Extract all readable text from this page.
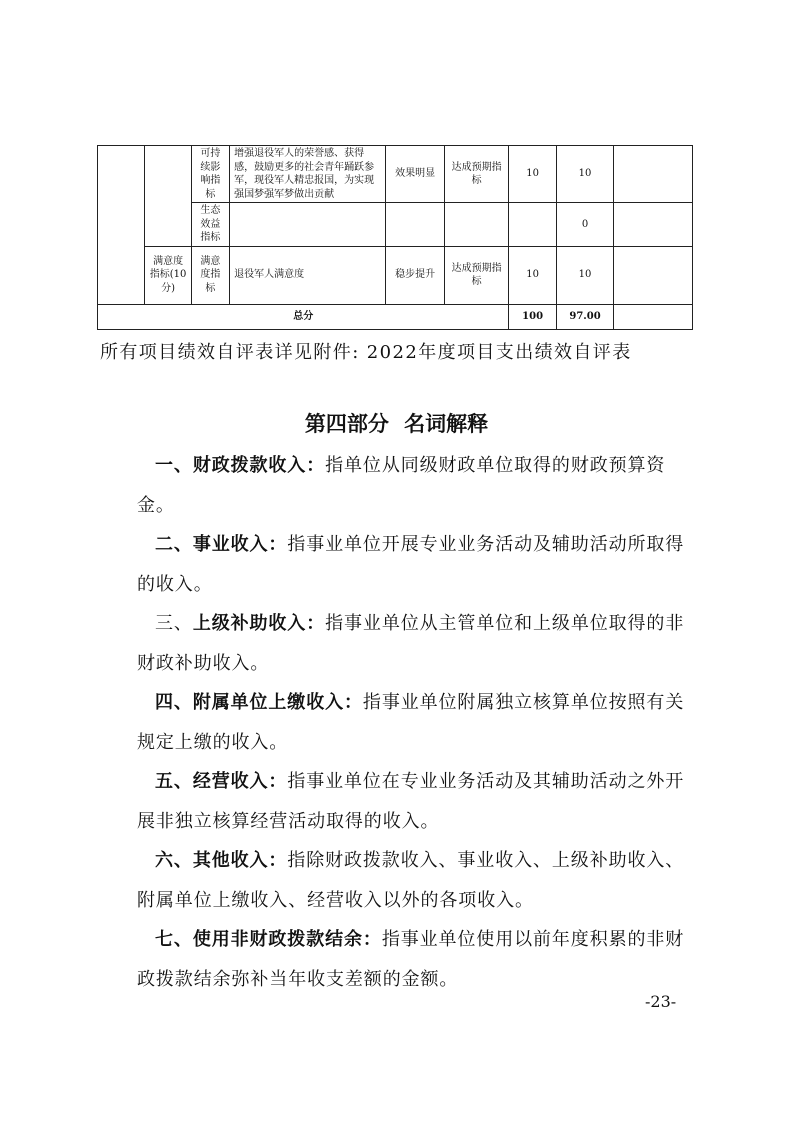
		可持续影响指标	增强退役军人的荣誉感、获得感，鼓励更多的社会青年踊跃参军，现役军人精忠报国，为实现强国梦强军梦做出贡献	效果明显	达成预期指标	10	10	
		生态效益指标					0	
	满意度指标(10分)	满意度指标	退役军人满意度	稳步提升	达成预期指标	10	10	
总分						100	97.00	
所有项目绩效自评表详见附件: 2022年度项目支出绩效自评表
第四部分 名词解释

一、财政拨款收入：指单位从同级财政单位取得的财政预算资金。

二、事业收入：指事业单位开展专业业务活动及辅助活动所取得的收入。

三、上级补助收入：指事业单位从主管单位和上级单位取得的非财政补助收入。

四、附属单位上缴收入：指事业单位附属独立核算单位按照有关规定上缴的收入。

五、经营收入：指事业单位在专业业务活动及其辅助活动之外开展非独立核算经营活动取得的收入。

六、其他收入：指除财政拨款收入、事业收入、上级补助收入、附属单位上缴收入、经营收入以外的各项收入。

七、使用非财政拨款结余：指事业单位使用以前年度积累的非财政拨款结余弥补当年收支差额的金额。

-23-
